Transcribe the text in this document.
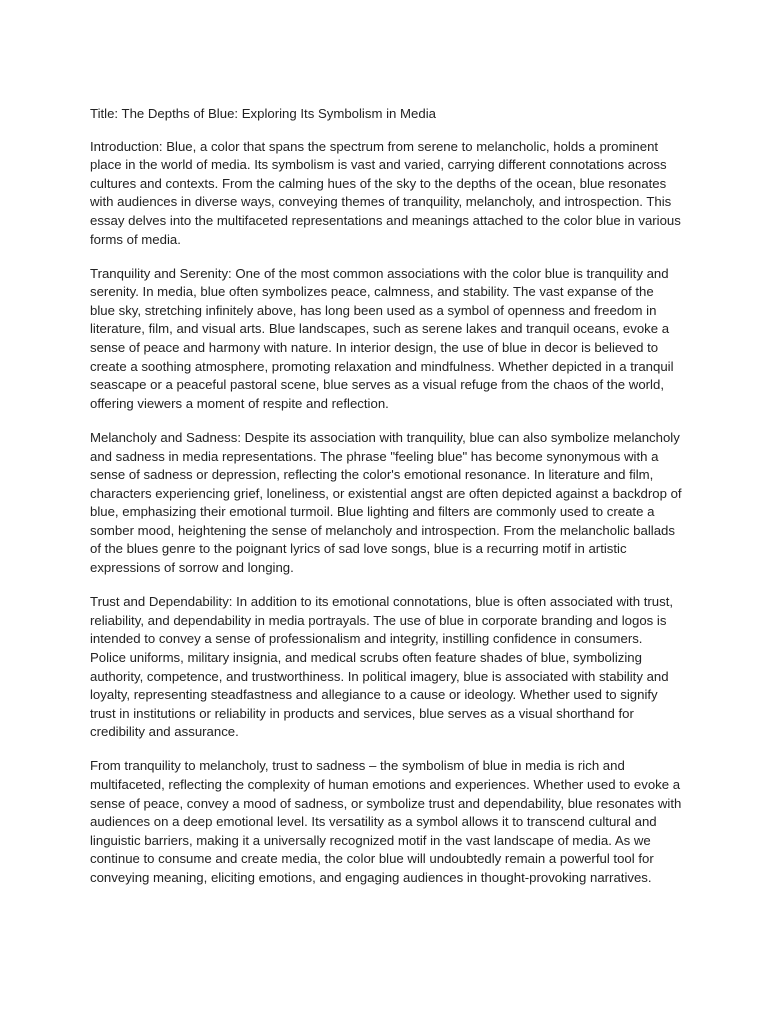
Title: The Depths of Blue: Exploring Its Symbolism in Media

Introduction: Blue, a color that spans the spectrum from serene to melancholic, holds a prominent place in the world of media. Its symbolism is vast and varied, carrying different connotations across cultures and contexts. From the calming hues of the sky to the depths of the ocean, blue resonates with audiences in diverse ways, conveying themes of tranquility, melancholy, and introspection. This essay delves into the multifaceted representations and meanings attached to the color blue in various forms of media.

Tranquility and Serenity: One of the most common associations with the color blue is tranquility and serenity. In media, blue often symbolizes peace, calmness, and stability. The vast expanse of the blue sky, stretching infinitely above, has long been used as a symbol of openness and freedom in literature, film, and visual arts. Blue landscapes, such as serene lakes and tranquil oceans, evoke a sense of peace and harmony with nature. In interior design, the use of blue in decor is believed to create a soothing atmosphere, promoting relaxation and mindfulness. Whether depicted in a tranquil seascape or a peaceful pastoral scene, blue serves as a visual refuge from the chaos of the world, offering viewers a moment of respite and reflection.

Melancholy and Sadness: Despite its association with tranquility, blue can also symbolize melancholy and sadness in media representations. The phrase "feeling blue" has become synonymous with a sense of sadness or depression, reflecting the color's emotional resonance. In literature and film, characters experiencing grief, loneliness, or existential angst are often depicted against a backdrop of blue, emphasizing their emotional turmoil. Blue lighting and filters are commonly used to create a somber mood, heightening the sense of melancholy and introspection. From the melancholic ballads of the blues genre to the poignant lyrics of sad love songs, blue is a recurring motif in artistic expressions of sorrow and longing.

Trust and Dependability: In addition to its emotional connotations, blue is often associated with trust, reliability, and dependability in media portrayals. The use of blue in corporate branding and logos is intended to convey a sense of professionalism and integrity, instilling confidence in consumers. Police uniforms, military insignia, and medical scrubs often feature shades of blue, symbolizing authority, competence, and trustworthiness. In political imagery, blue is associated with stability and loyalty, representing steadfastness and allegiance to a cause or ideology. Whether used to signify trust in institutions or reliability in products and services, blue serves as a visual shorthand for credibility and assurance.

From tranquility to melancholy, trust to sadness – the symbolism of blue in media is rich and multifaceted, reflecting the complexity of human emotions and experiences. Whether used to evoke a sense of peace, convey a mood of sadness, or symbolize trust and dependability, blue resonates with audiences on a deep emotional level. Its versatility as a symbol allows it to transcend cultural and linguistic barriers, making it a universally recognized motif in the vast landscape of media. As we continue to consume and create media, the color blue will undoubtedly remain a powerful tool for conveying meaning, eliciting emotions, and engaging audiences in thought-provoking narratives.
